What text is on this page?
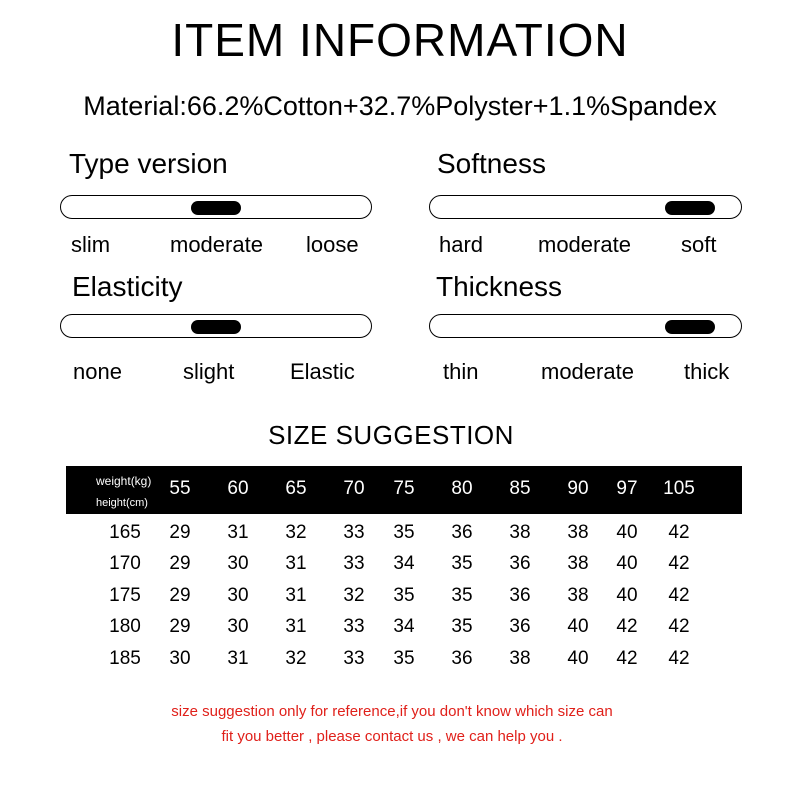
ITEM INFORMATION
Material:66.2%Cotton+32.7%Polyster+1.1%Spandex
Type version
slim	moderate loose
Softness
hard moderate soft
Elasticity
none	slight	Elastic
Thickness
thin	moderate thick
SIZE SUGGESTION
weight(kg)
height(cm)
55	60	65	70	75	80	85	90	97	105
165	29	31	32	33	35	36	38	38	40	42
170	29	30	31	33	34	35	36	38	40	42
175	29	30	31	32	35	35	36	38	40	42
180	29	30	31	33	34	35	36	40	42	42
185	30	31	32	33	35	36	38	40	42	42
size suggestion only for reference,if you don't know which size can
fit you better , please contact us , we can help you .
